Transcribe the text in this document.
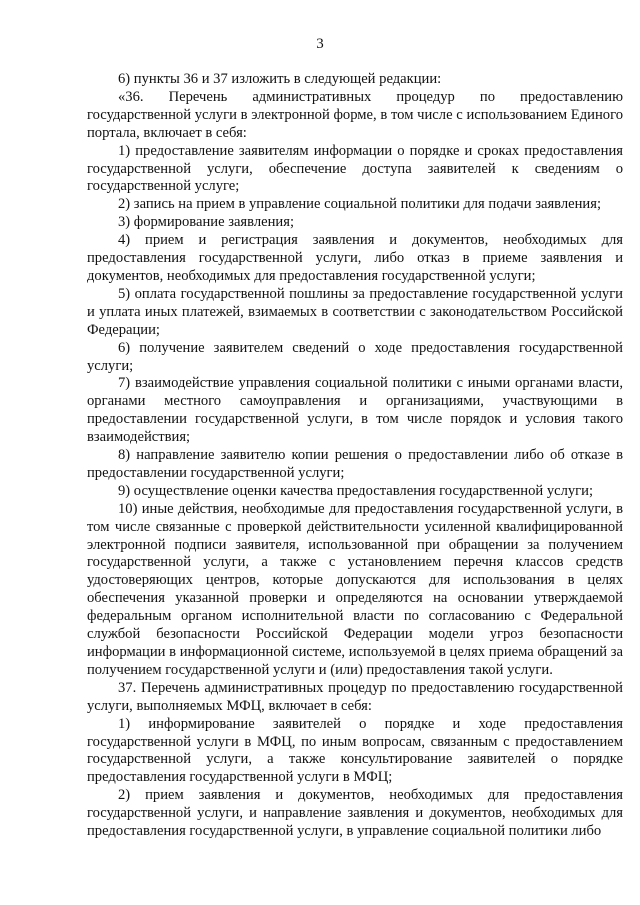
3

6) пункты 36 и 37 изложить в следующей редакции:

«36. Перечень административных процедур по предоставлению государственной услуги в электронной форме, в том числе с использованием Единого портала, включает в себя:

1) предоставление заявителям информации о порядке и сроках предоставления государственной услуги, обеспечение доступа заявителей к сведениям о государственной услуге;

2) запись на прием в управление социальной политики для подачи заявления;

3) формирование заявления;

4) прием и регистрация заявления и документов, необходимых для предоставления государственной услуги, либо отказ в приеме заявления и документов, необходимых для предоставления государственной услуги;

5) оплата государственной пошлины за предоставление государственной услуги и уплата иных платежей, взимаемых в соответствии с законодательством Российской Федерации;

6) получение заявителем сведений о ходе предоставления государственной услуги;

7) взаимодействие управления социальной политики с иными органами власти, органами местного самоуправления и организациями, участвующими в предоставлении государственной услуги, в том числе порядок и условия такого взаимодействия;

8) направление заявителю копии решения о предоставлении либо об отказе в предоставлении государственной услуги;

9) осуществление оценки качества предоставления государственной услуги;

10) иные действия, необходимые для предоставления государственной услуги, в том числе связанные с проверкой действительности усиленной квалифицированной электронной подписи заявителя, использованной при обращении за получением государственной услуги, а также с установлением перечня классов средств удостоверяющих центров, которые допускаются для использования в целях обеспечения указанной проверки и определяются на основании утверждаемой федеральным органом исполнительной власти по согласованию с Федеральной службой безопасности Российской Федерации модели угроз безопасности информации в информационной системе, используемой в целях приема обращений за получением государственной услуги и (или) предоставления такой услуги.

37. Перечень административных процедур по предоставлению государственной услуги, выполняемых МФЦ, включает в себя:

1) информирование заявителей о порядке и ходе предоставления государственной услуги в МФЦ, по иным вопросам, связанным с предоставлением государственной услуги, а также консультирование заявителей о порядке предоставления государственной услуги в МФЦ;

2) прием заявления и документов, необходимых для предоставления государственной услуги, и направление заявления и документов, необходимых для предоставления государственной услуги, в управление социальной политики либо
